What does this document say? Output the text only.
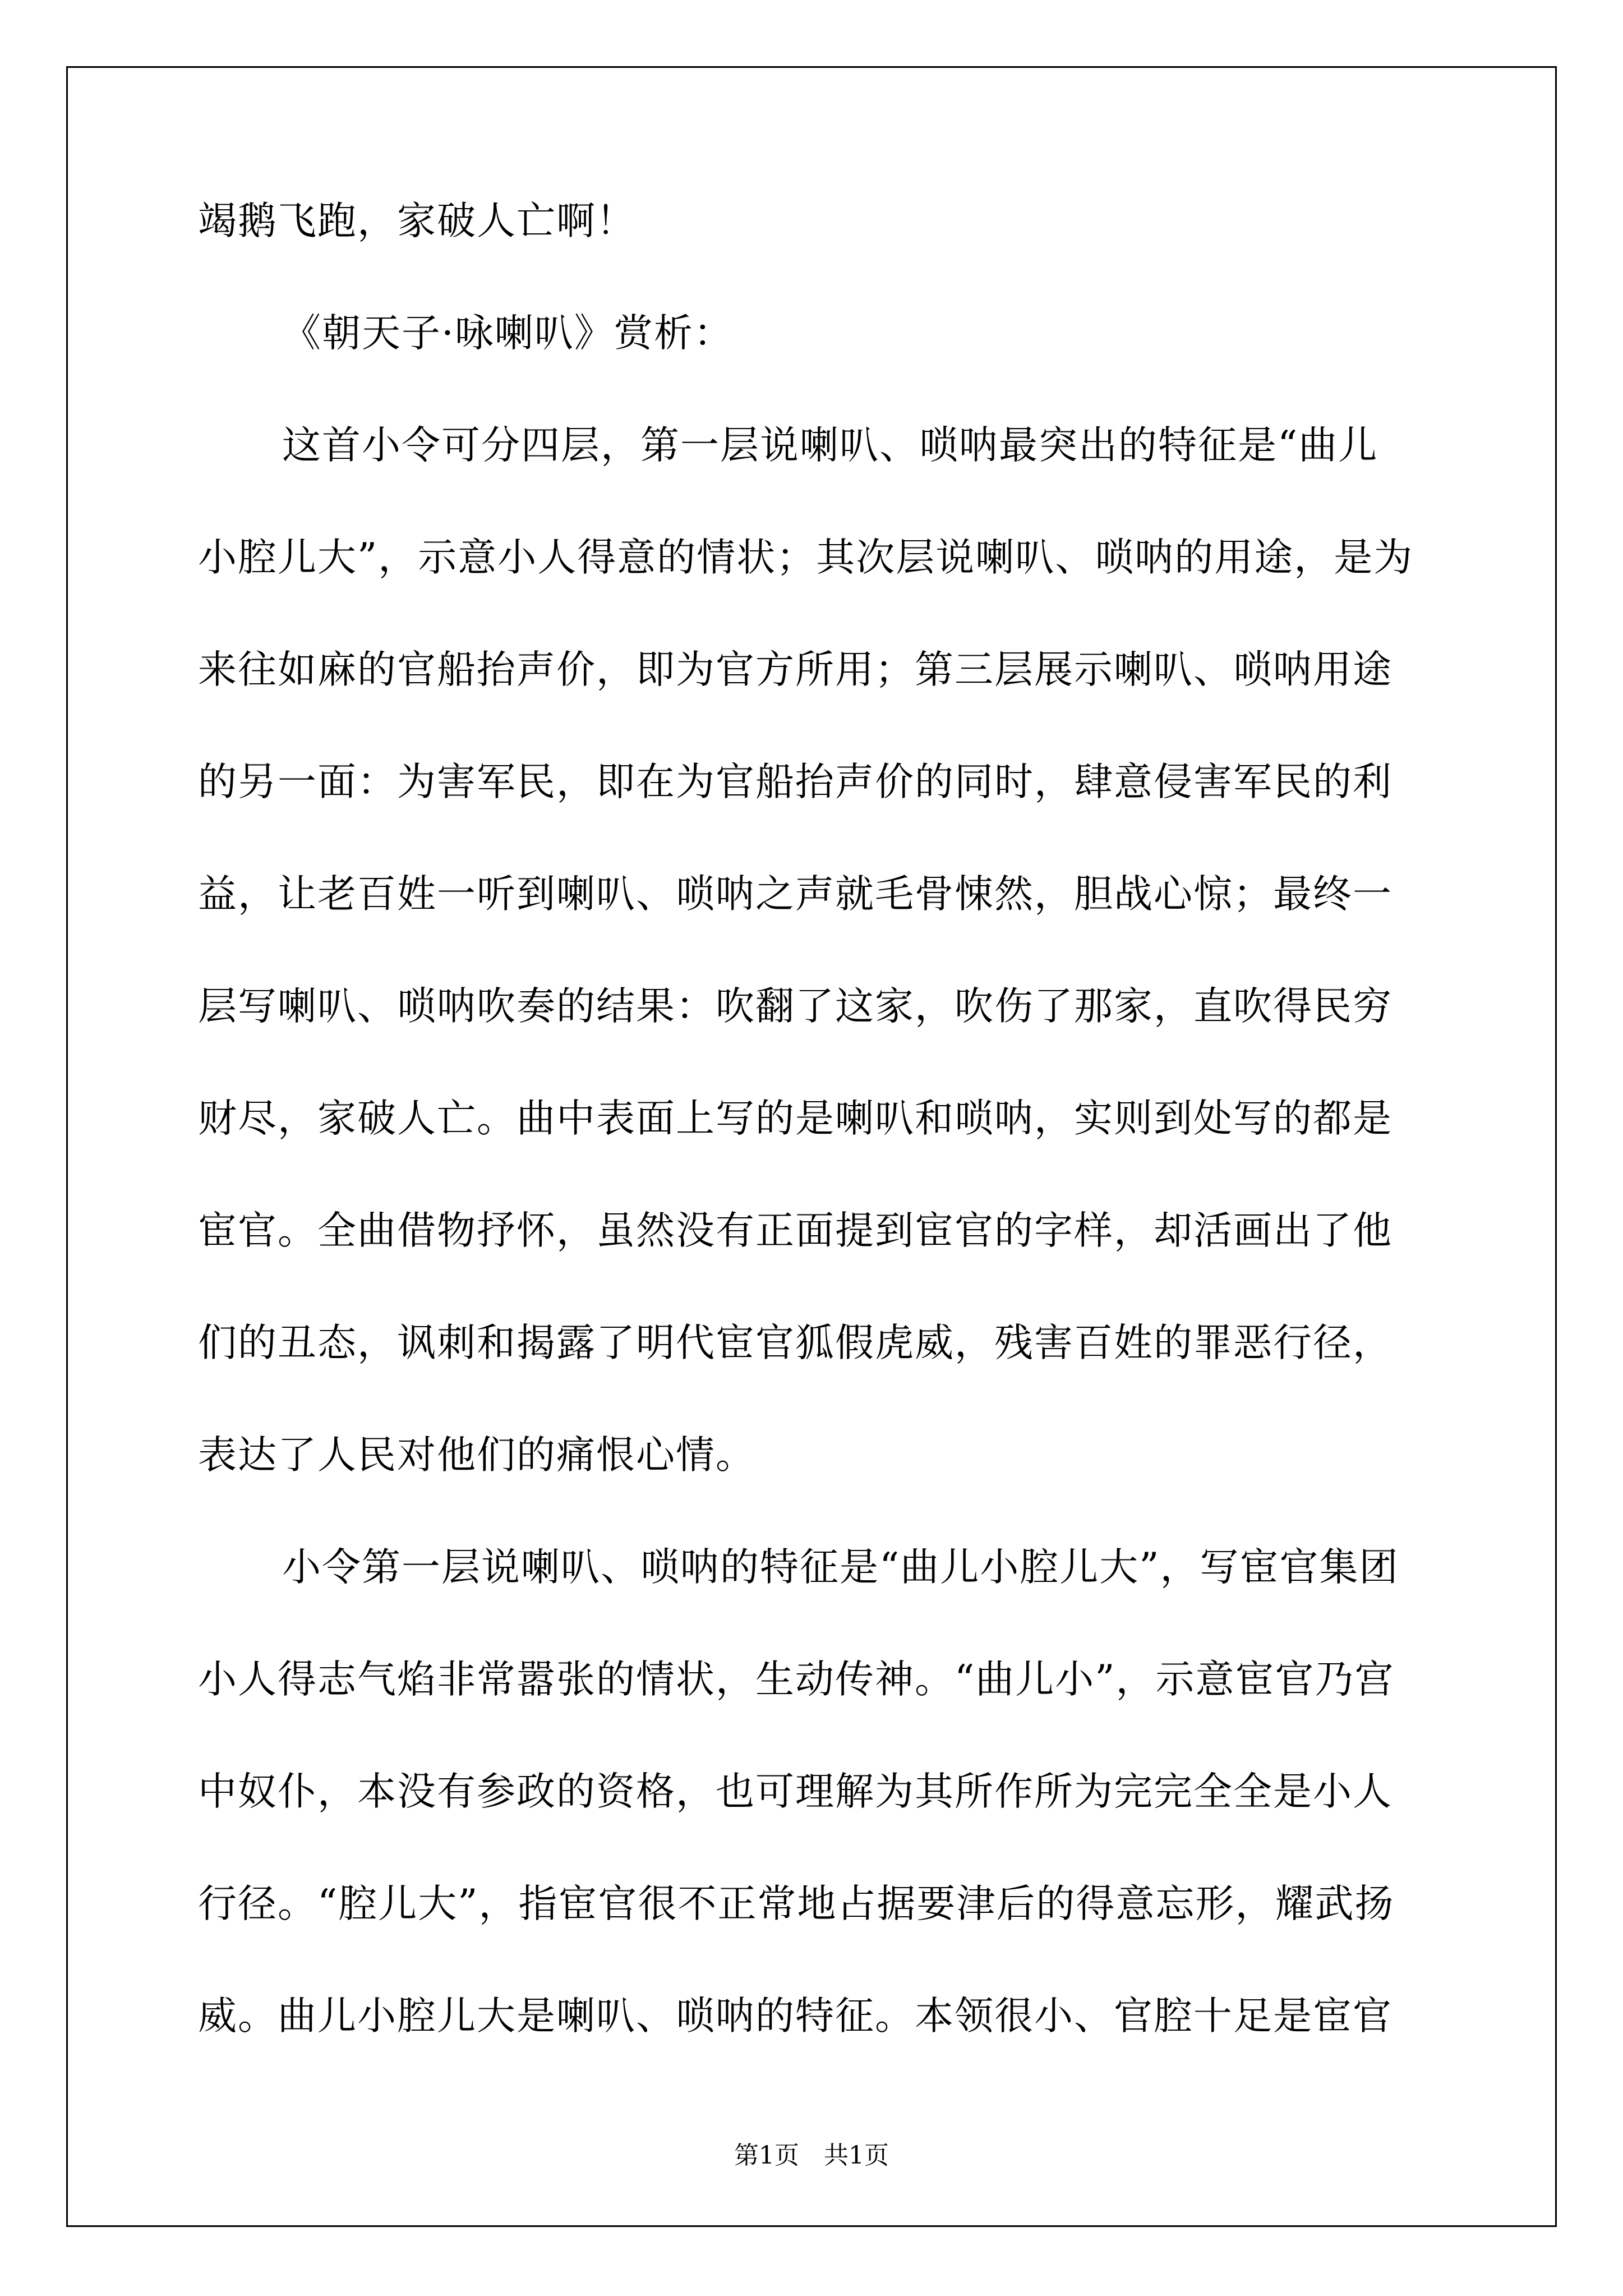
竭鹅飞跑，家破人亡啊！
《朝天子·咏喇叭》赏析：
这首小令可分四层，第一层说喇叭、唢呐最突出的特征是“曲儿
小腔儿大”，示意小人得意的情状；其次层说喇叭、唢呐的用途，是为
来往如麻的官船抬声价，即为官方所用；第三层展示喇叭、唢呐用途
的另一面：为害军民，即在为官船抬声价的同时，肆意侵害军民的利
益，让老百姓一听到喇叭、唢呐之声就毛骨悚然，胆战心惊；最终一
层写喇叭、唢呐吹奏的结果：吹翻了这家，吹伤了那家，直吹得民穷
财尽，家破人亡。曲中表面上写的是喇叭和唢呐，实则到处写的都是
宦官。全曲借物抒怀，虽然没有正面提到宦官的字样，却活画出了他
们的丑态，讽刺和揭露了明代宦官狐假虎威，残害百姓的罪恶行径，
表达了人民对他们的痛恨心情。
小令第一层说喇叭、唢呐的特征是“曲儿小腔儿大”，写宦官集团
小人得志气焰非常嚣张的情状，生动传神。“曲儿小”，示意宦官乃宫
中奴仆，本没有参政的资格，也可理解为其所作所为完完全全是小人
行径。“腔儿大”，指宦官很不正常地占据要津后的得意忘形，耀武扬
威。曲儿小腔儿大是喇叭、唢呐的特征。本领很小、官腔十足是宦官
第1页　共1页
